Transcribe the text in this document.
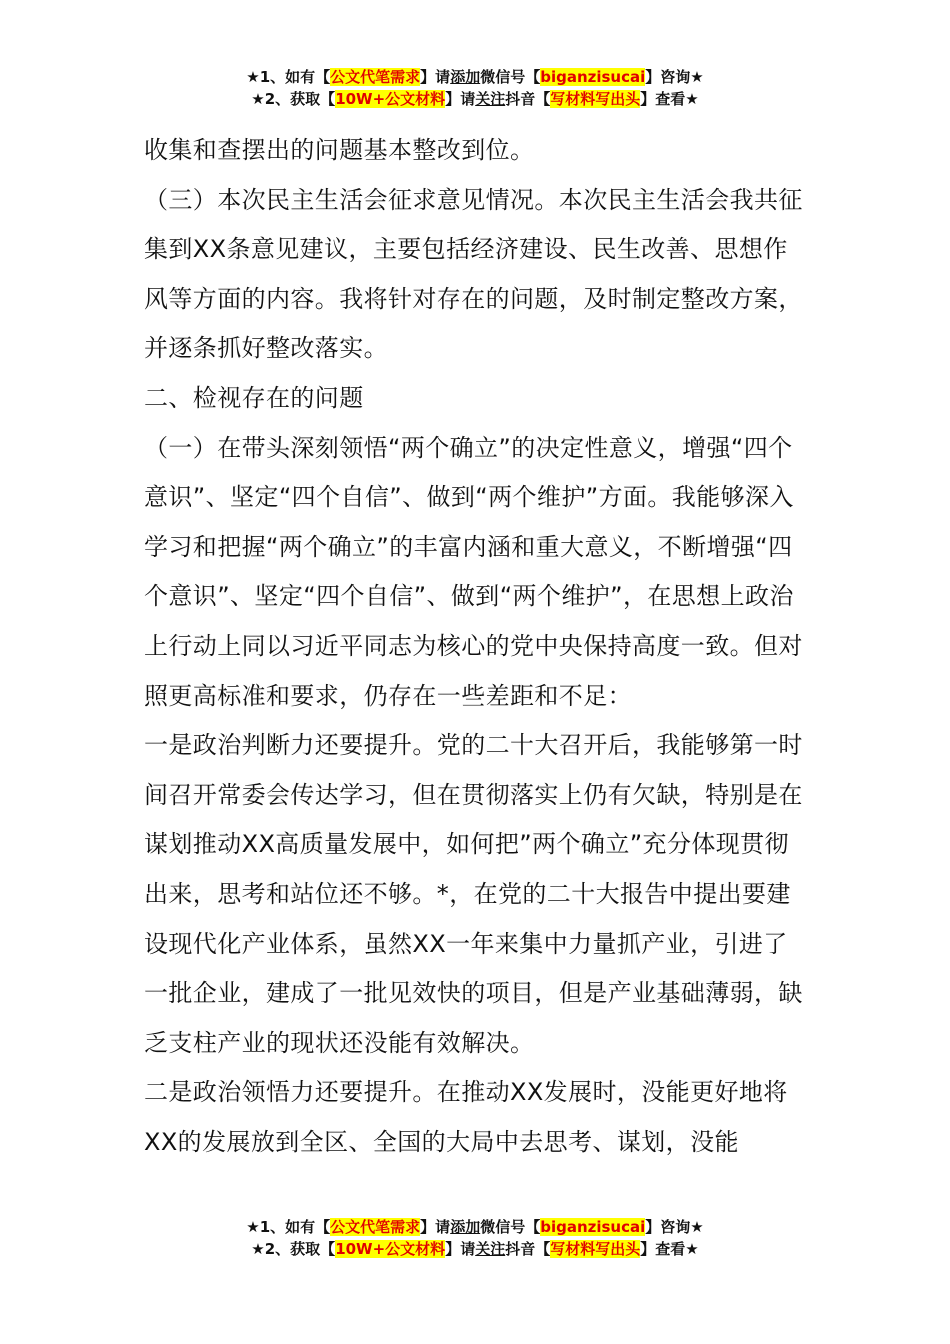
★1、如有【公文代笔需求】请添加微信号【biganzisucai】咨询★
★2、获取【10W+公文材料】请关注抖音【写材料写出头】查看★

收集和查摆出的问题基本整改到位。

（三）本次民主生活会征求意见情况。本次民主生活会我共征集到XX条意见建议，主要包括经济建设、民生改善、思想作风等方面的内容。我将针对存在的问题，及时制定整改方案，并逐条抓好整改落实。

二、检视存在的问题

（一）在带头深刻领悟“两个确立”的决定性意义，增强“四个意识”、坚定“四个自信”、做到“两个维护”方面。我能够深入学习和把握“两个确立”的丰富内涵和重大意义，不断增强“四个意识”、坚定“四个自信”、做到“两个维护”，在思想上政治上行动上同以习近平同志为核心的党中央保持高度一致。但对照更高标准和要求，仍存在一些差距和不足：

一是政治判断力还要提升。党的二十大召开后，我能够第一时间召开常委会传达学习，但在贯彻落实上仍有欠缺，特别是在谋划推动XX高质量发展中，如何把”两个确立”充分体现贯彻出来，思考和站位还不够。*，在党的二十大报告中提出要建设现代化产业体系，虽然XX一年来集中力量抓产业，引进了一批企业，建成了一批见效快的项目，但是产业基础薄弱，缺乏支柱产业的现状还没能有效解决。

二是政治领悟力还要提升。在推动XX发展时，没能更好地将XX的发展放到全区、全国的大局中去思考、谋划，没能

★1、如有【公文代笔需求】请添加微信号【biganzisucai】咨询★
★2、获取【10W+公文材料】请关注抖音【写材料写出头】查看★
